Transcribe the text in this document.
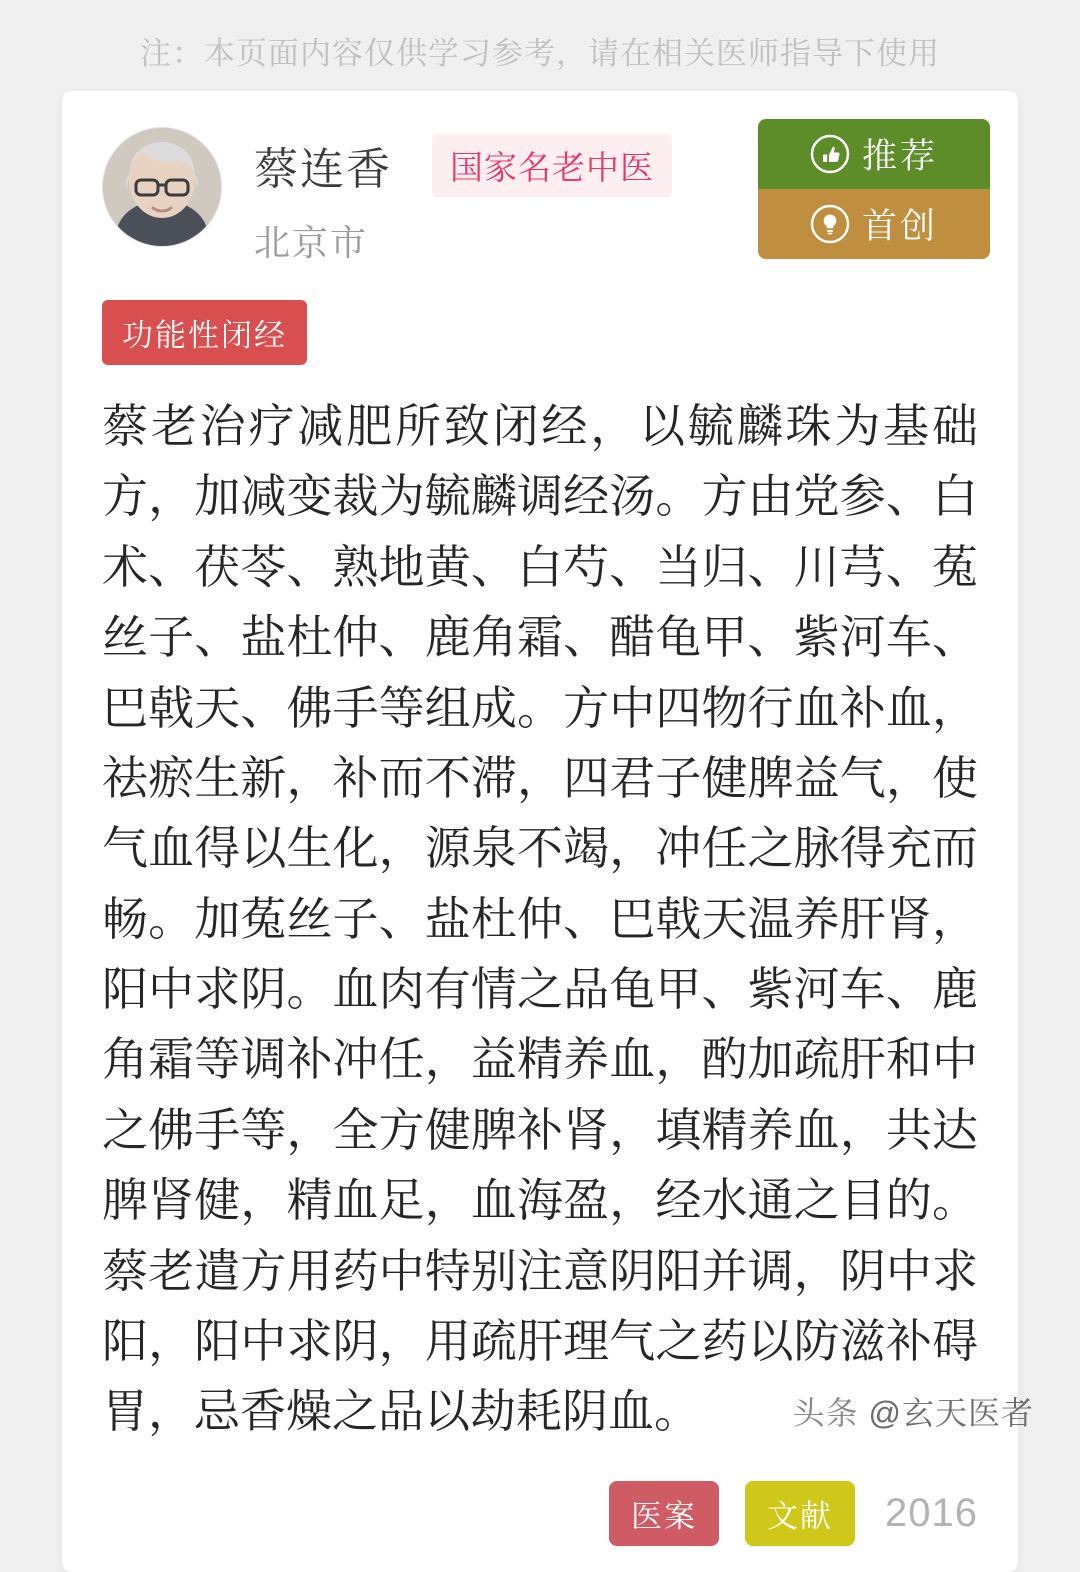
注：本页面内容仅供学习参考，请在相关医师指导下使用
推荐
首创
蔡连香	国家名老中医
北京市
功能性闭经
蔡老治疗减肥所致闭经，以毓麟珠为基础方，加减变裁为毓麟调经汤。方由党参、白术、茯苓、熟地黄、白芍、当归、川芎、菟丝子、盐杜仲、鹿角霜、醋龟甲、紫河车、巴戟天、佛手等组成。方中四物行血补血，祛瘀生新，补而不滞，四君子健脾益气，使气血得以生化，源泉不竭，冲任之脉得充而畅。加菟丝子、盐杜仲、巴戟天温养肝肾，阳中求阴。血肉有情之品龟甲、紫河车、鹿角霜等调补冲任，益精养血，酌加疏肝和中之佛手等，全方健脾补肾，填精养血，共达脾肾健，精血足，血海盈，经水通之目的。蔡老遣方用药中特别注意阴阳并调，阴中求阳，阳中求阴，用疏肝理气之药以防滋补碍胃，忌香燥之品以劫耗阴血。
医案	文献	2016
头条 @玄天医者
